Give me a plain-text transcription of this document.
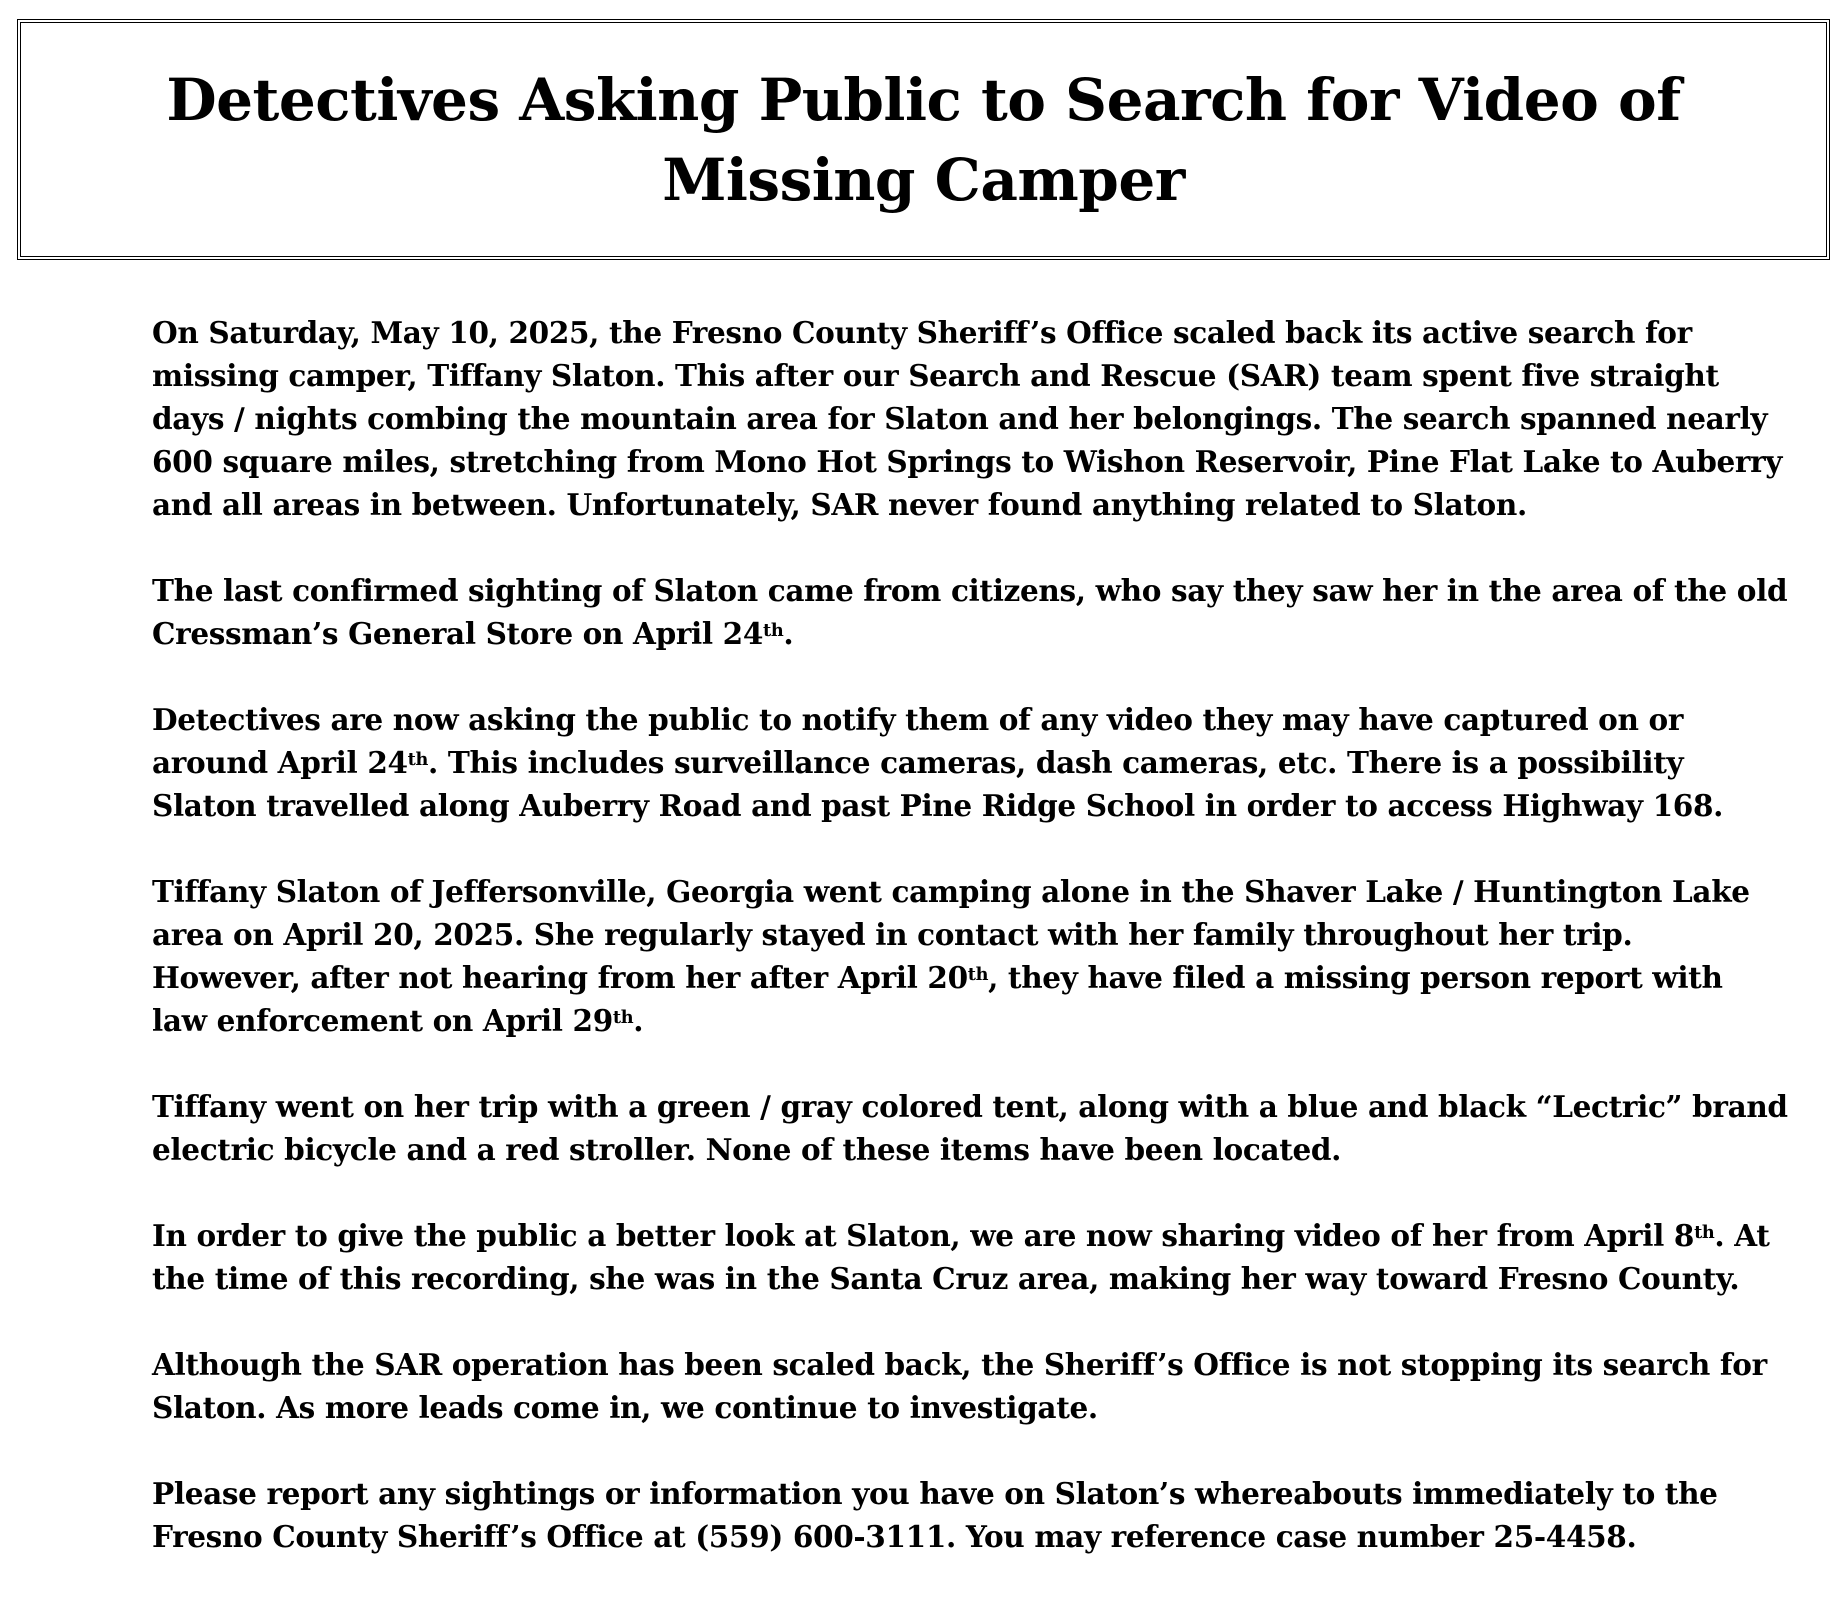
Detectives Asking Public to Search for Video of Missing Camper

On Saturday, May 10, 2025, the Fresno County Sheriff’s Office scaled back its active search for
missing camper, Tiffany Slaton. This after our Search and Rescue (SAR) team spent five straight
days / nights combing the mountain area for Slaton and her belongings. The search spanned nearly
600 square miles, stretching from Mono Hot Springs to Wishon Reservoir, Pine Flat Lake to Auberry
and all areas in between. Unfortunately, SAR never found anything related to Slaton.

The last confirmed sighting of Slaton came from citizens, who say they saw her in the area of the old
Cressman’s General Store on April 24th.

Detectives are now asking the public to notify them of any video they may have captured on or
around April 24th. This includes surveillance cameras, dash cameras, etc. There is a possibility
Slaton travelled along Auberry Road and past Pine Ridge School in order to access Highway 168.

Tiffany Slaton of Jeffersonville, Georgia went camping alone in the Shaver Lake / Huntington Lake
area on April 20, 2025. She regularly stayed in contact with her family throughout her trip.
However, after not hearing from her after April 20th, they have filed a missing person report with
law enforcement on April 29th.

Tiffany went on her trip with a green / gray colored tent, along with a blue and black “Lectric” brand
electric bicycle and a red stroller. None of these items have been located.

In order to give the public a better look at Slaton, we are now sharing video of her from April 8th. At
the time of this recording, she was in the Santa Cruz area, making her way toward Fresno County.

Although the SAR operation has been scaled back, the Sheriff’s Office is not stopping its search for
Slaton. As more leads come in, we continue to investigate.

Please report any sightings or information you have on Slaton’s whereabouts immediately to the
Fresno County Sheriff’s Office at (559) 600-3111. You may reference case number 25-4458.
